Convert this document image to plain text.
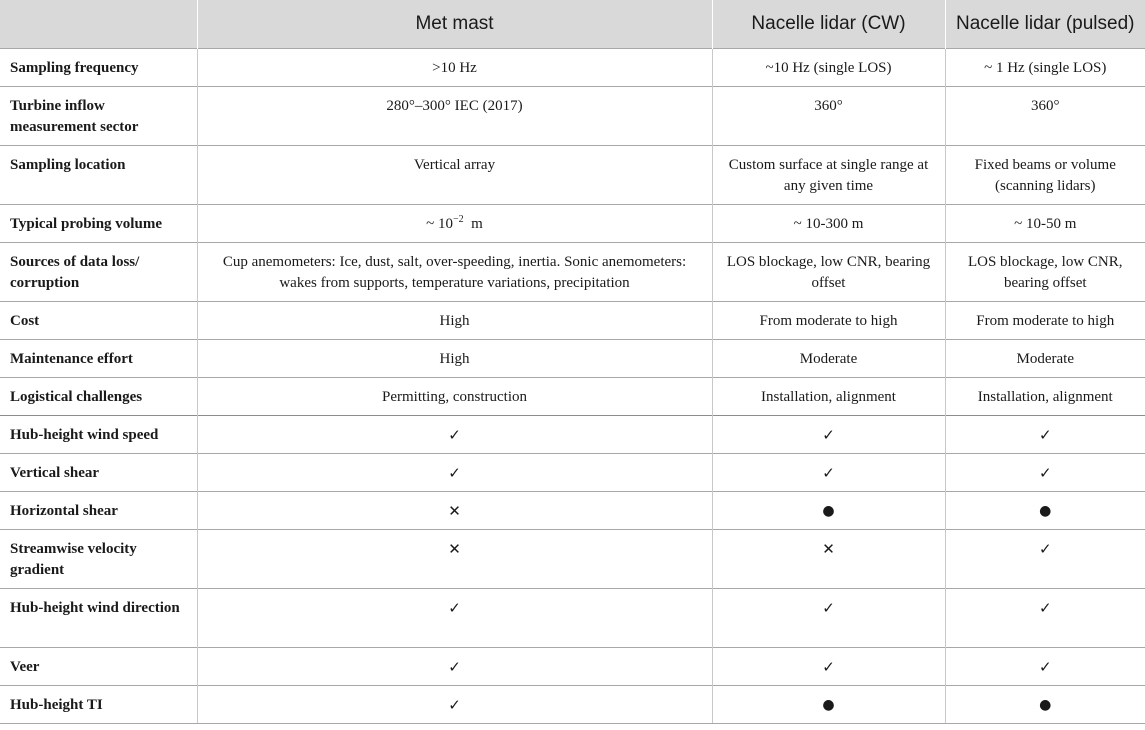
	Met mast	Nacelle lidar (CW)	Nacelle lidar (pulsed)
Sampling frequency	>10 Hz	~10 Hz (single LOS)	~ 1 Hz (single LOS)
Turbine inflow measurement sector	280°–300° IEC (2017)	360°	360°
Sampling location	Vertical array	Custom surface at single range at any given time	Fixed beams or volume (scanning lidars)
Typical probing volume	~ $10^{-2}$ m	~ 10-300 m	~ 10-50 m
Sources of data loss/ corruption	Cup anemometers: Ice, dust, salt, over-speeding, inertia. Sonic anemometers: wakes from supports, temperature variations, precipitation	LOS blockage, low CNR, bearing offset	LOS blockage, low CNR, bearing offset
Cost	High	From moderate to high	From moderate to high
Maintenance effort	High	Moderate	Moderate
Logistical challenges	Permitting, construction	Installation, alignment	Installation, alignment
Hub-height wind speed	✓	✓	✓
Vertical shear	✓	✓	✓
Horizontal shear	✕	●	●
Streamwise velocity gradient	✕	✕	✓
Hub-height wind direction	✓	✓	✓
Veer	✓	✓	✓
Hub-height TI	✓	●	●
